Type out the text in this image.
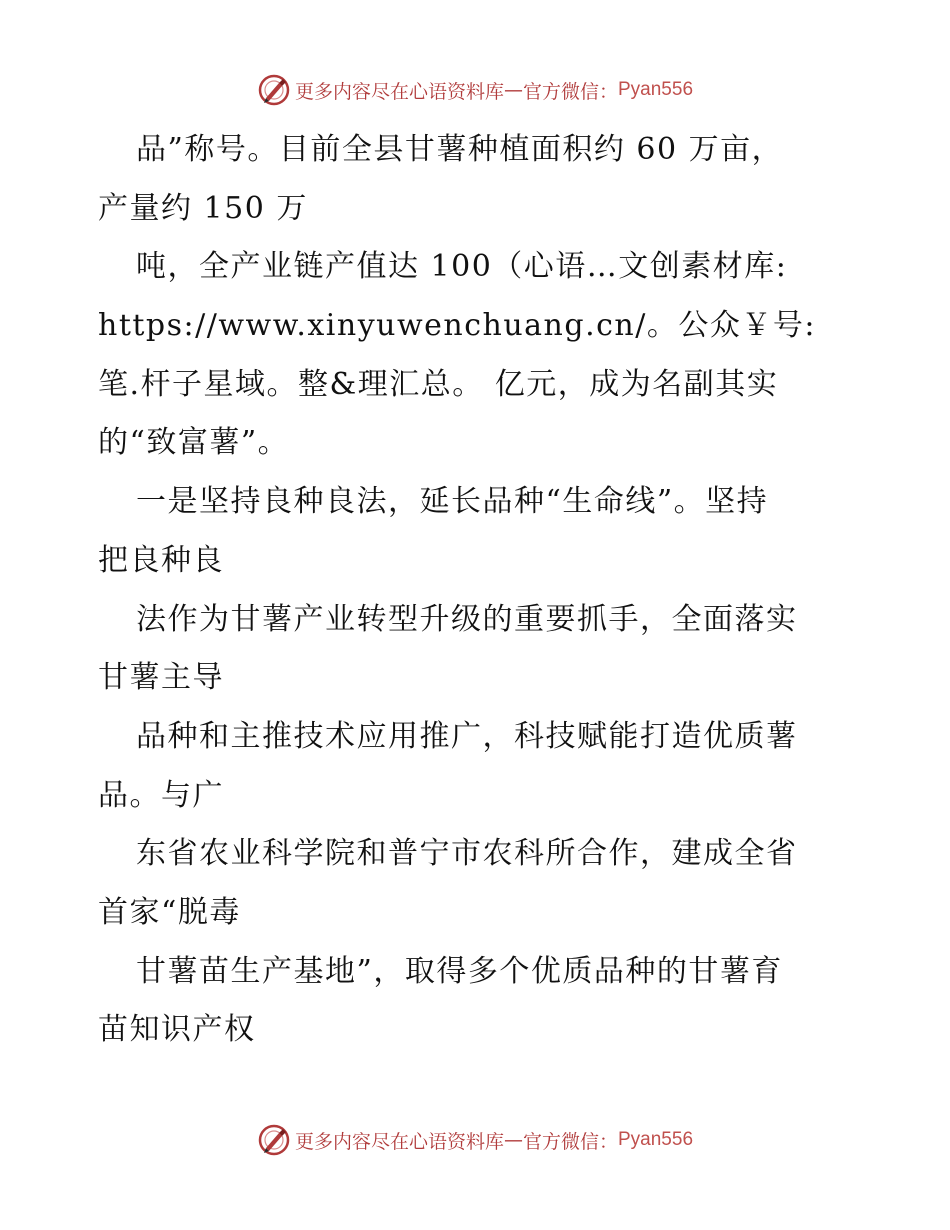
更多内容尽在心语资料库 — 官方微信： Pyan556
品”称号。目前全县甘薯种植面积约 60 万亩，
产量约 150 万
吨，全产业链产值达 100（心语…文创素材库:
https://www.xinyuwenchuang.cn/。公众￥号:
笔.杆子星域。整&理汇总。 亿元，成为名副其实
的“致富薯”。
一是坚持良种良法，延长品种“生命线”。坚持
把良种良
法作为甘薯产业转型升级的重要抓手，全面落实
甘薯主导
品种和主推技术应用推广，科技赋能打造优质薯
品。与广
东省农业科学院和普宁市农科所合作，建成全省
首家“脱毒
甘薯苗生产基地”，取得多个优质品种的甘薯育
苗知识产权
更多内容尽在心语资料库 — 官方微信： Pyan556
